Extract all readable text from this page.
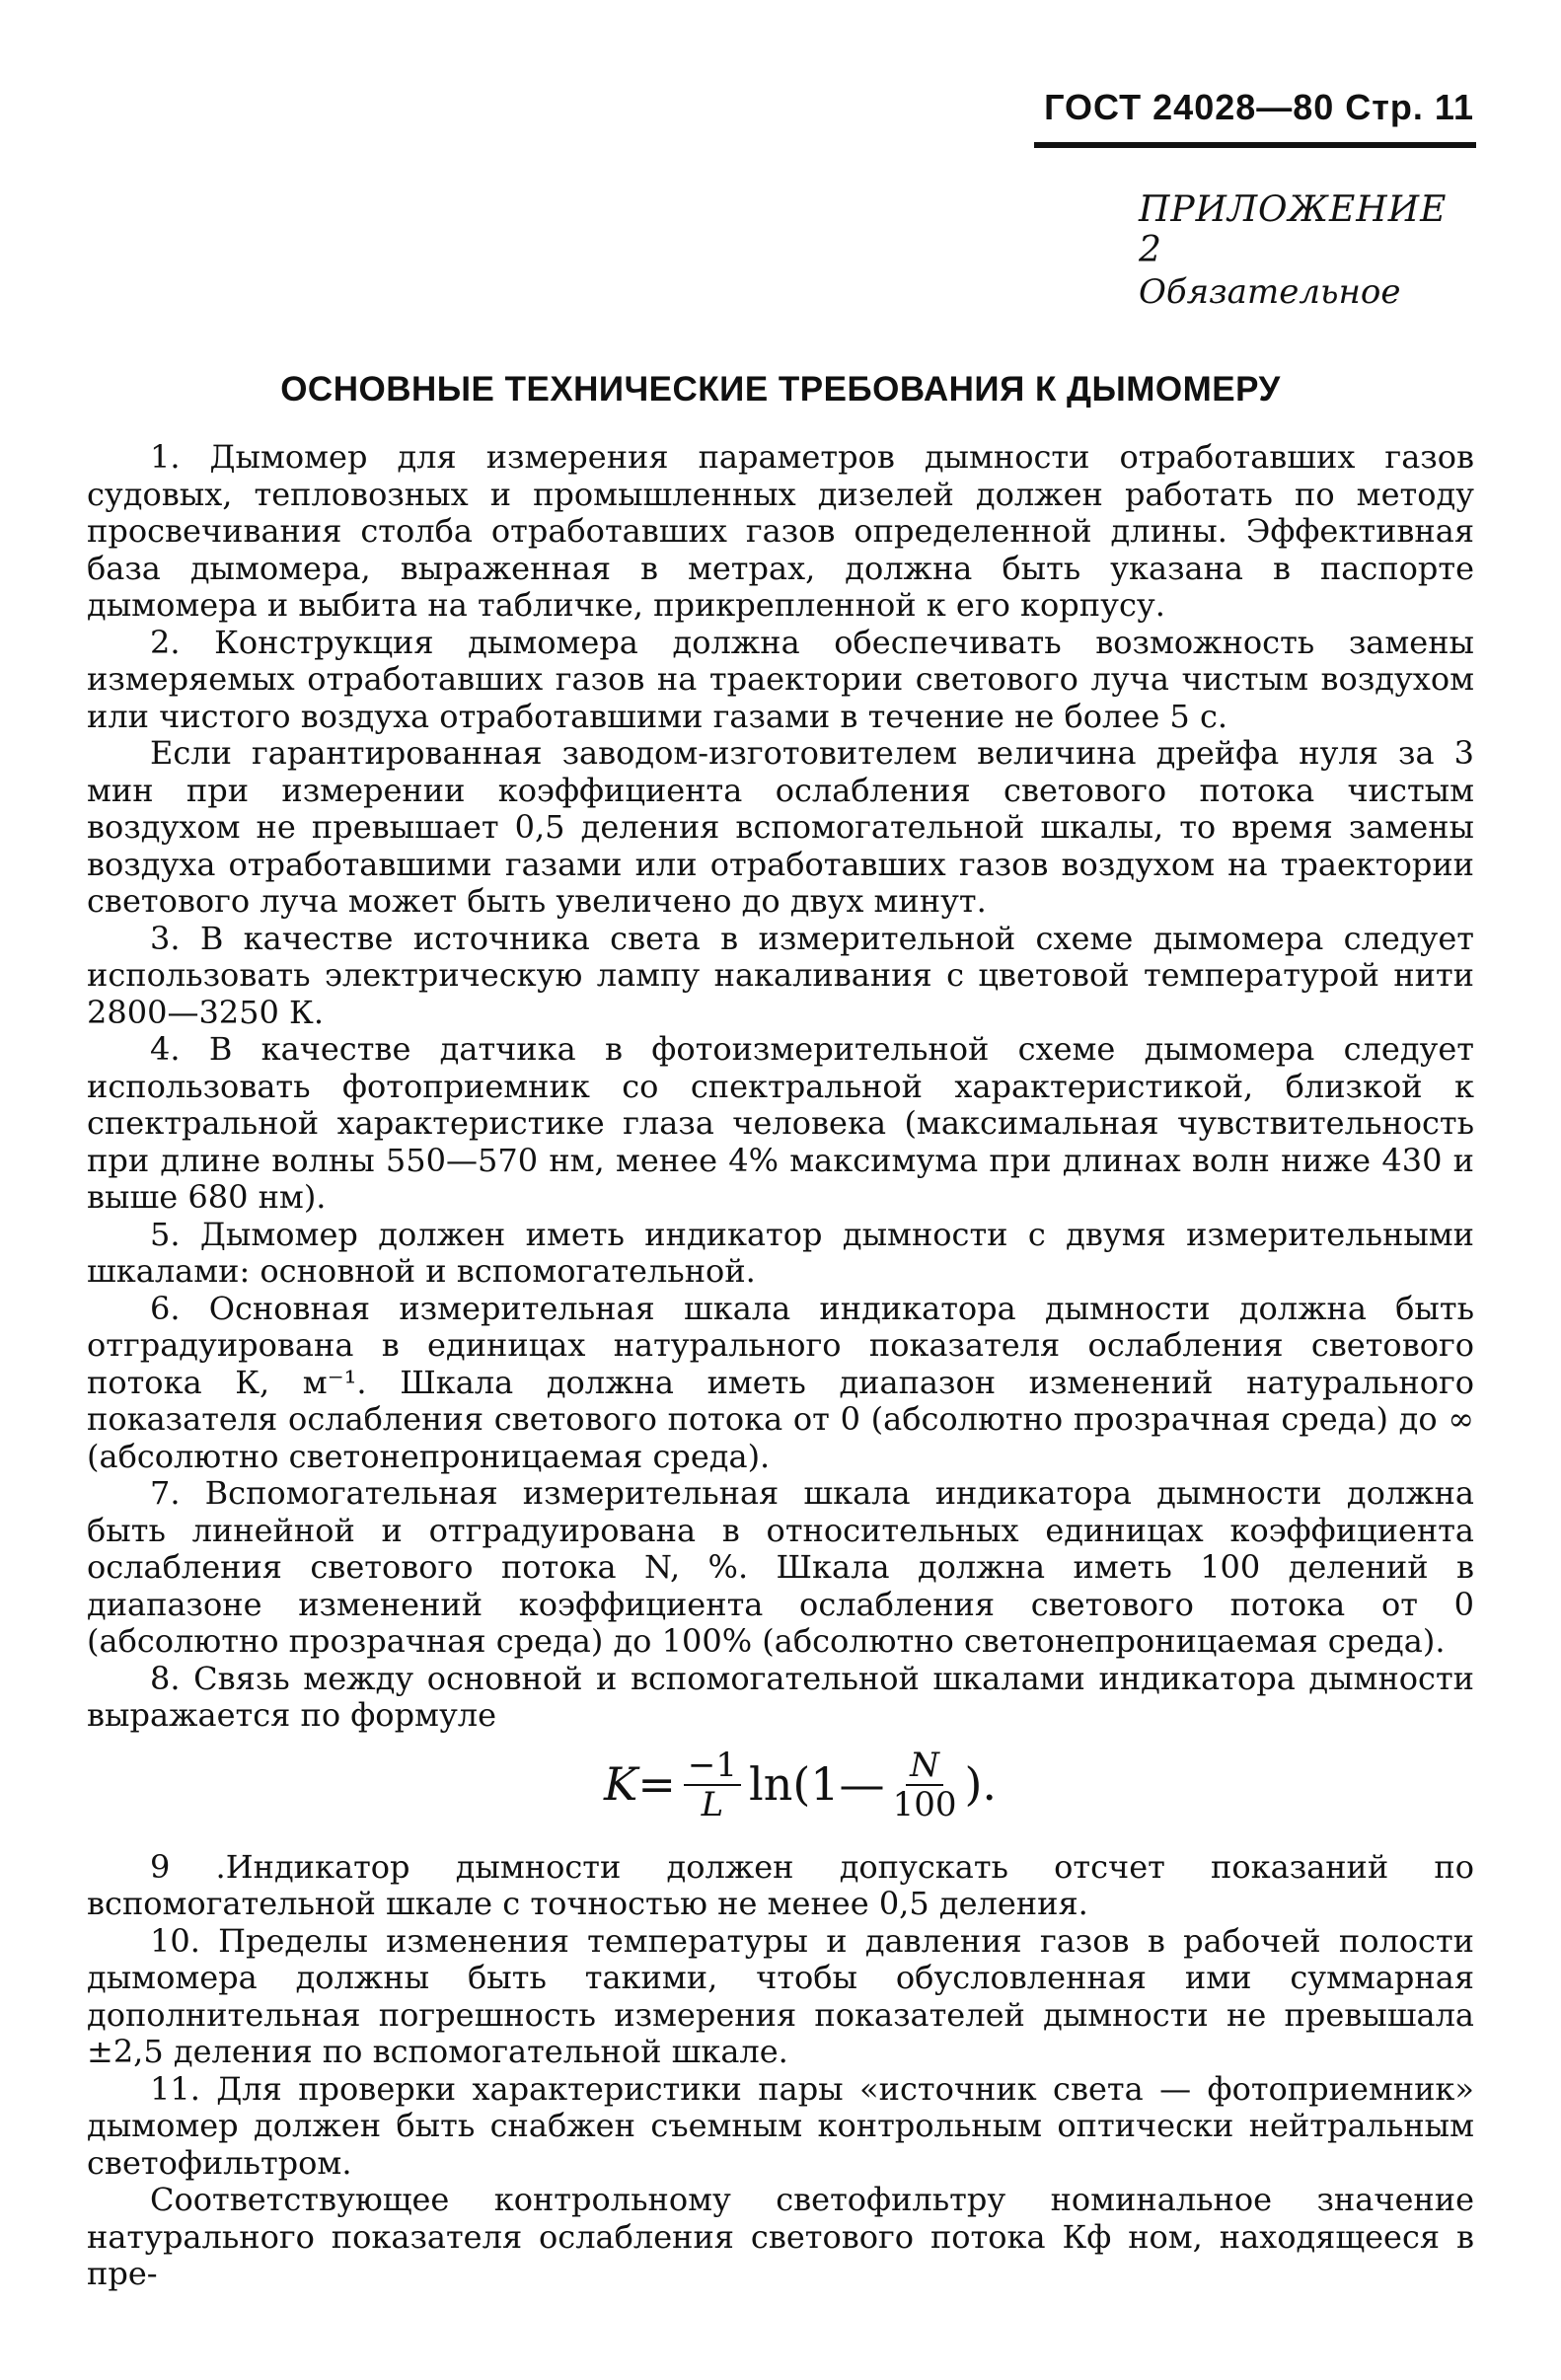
ГОСТ 24028—80 Стр. 11
ПРИЛОЖЕНИЕ 2
Обязательное
ОСНОВНЫЕ ТЕХНИЧЕСКИЕ ТРЕБОВАНИЯ К ДЫМОМЕРУ

1. Дымомер для измерения параметров дымности отработавших газов судовых, тепловозных и промышленных дизелей должен работать по методу просвечивания столба отработавших газов определенной длины. Эффективная база дымомера, выраженная в метрах, должна быть указана в паспорте дымомера и выбита на табличке, прикрепленной к его корпусу.

2. Конструкция дымомера должна обеспечивать возможность замены измеряемых отработавших газов на траектории светового луча чистым воздухом или чистого воздуха отработавшими газами в течение не более 5 с.

Если гарантированная заводом-изготовителем величина дрейфа нуля за 3 мин при измерении коэффициента ослабления светового потока чистым воздухом не превышает 0,5 деления вспомогательной шкалы, то время замены воздуха отработавшими газами или отработавших газов воздухом на траектории светового луча может быть увеличено до двух минут.

3. В качестве источника света в измерительной схеме дымомера следует использовать электрическую лампу накаливания с цветовой температурой нити 2800—3250 К.

4. В качестве датчика в фотоизмерительной схеме дымомера следует использовать фотоприемник со спектральной характеристикой, близкой к спектральной характеристике глаза человека (максимальная чувствительность при длине волны 550—570 нм, менее 4% максимума при длинах волн ниже 430 и выше 680 нм).

5. Дымомер должен иметь индикатор дымности с двумя измерительными шкалами: основной и вспомогательной.

6. Основная измерительная шкала индикатора дымности должна быть отградуирована в единицах натурального показателя ослабления светового потока К, м⁻¹. Шкала должна иметь диапазон изменений натурального показателя ослабления светового потока от 0 (абсолютно прозрачная среда) до ∞ (абсолютно светонепроницаемая среда).

7. Вспомогательная измерительная шкала индикатора дымности должна быть линейной и отградуирована в относительных единицах коэффициента ослабления светового потока N, %. Шкала должна иметь 100 делений в диапазоне изменений коэффициента ослабления светового потока от 0 (абсолютно прозрачная среда) до 100% (абсолютно светонепроницаемая среда).

8. Связь между основной и вспомогательной шкалами индикатора дымности выражается по формуле

$K= \frac{-1}{L}$ ln(1— $\frac{N}{100}$ ).

9 .Индикатор дымности должен допускать отсчет показаний по вспомогательной шкале с точностью не менее 0,5 деления.

10. Пределы изменения температуры и давления газов в рабочей полости дымомера должны быть такими, чтобы обусловленная ими суммарная дополнительная погрешность измерения показателей дымности не превышала ±2,5 деления по вспомогательной шкале.

11. Для проверки характеристики пары «источник света — фотоприемник» дымомер должен быть снабжен съемным контрольным оптически нейтральным светофильтром.

Соответствующее контрольному светофильтру номинальное значение натурального показателя ослабления светового потока Кф ном, находящееся в пре-
